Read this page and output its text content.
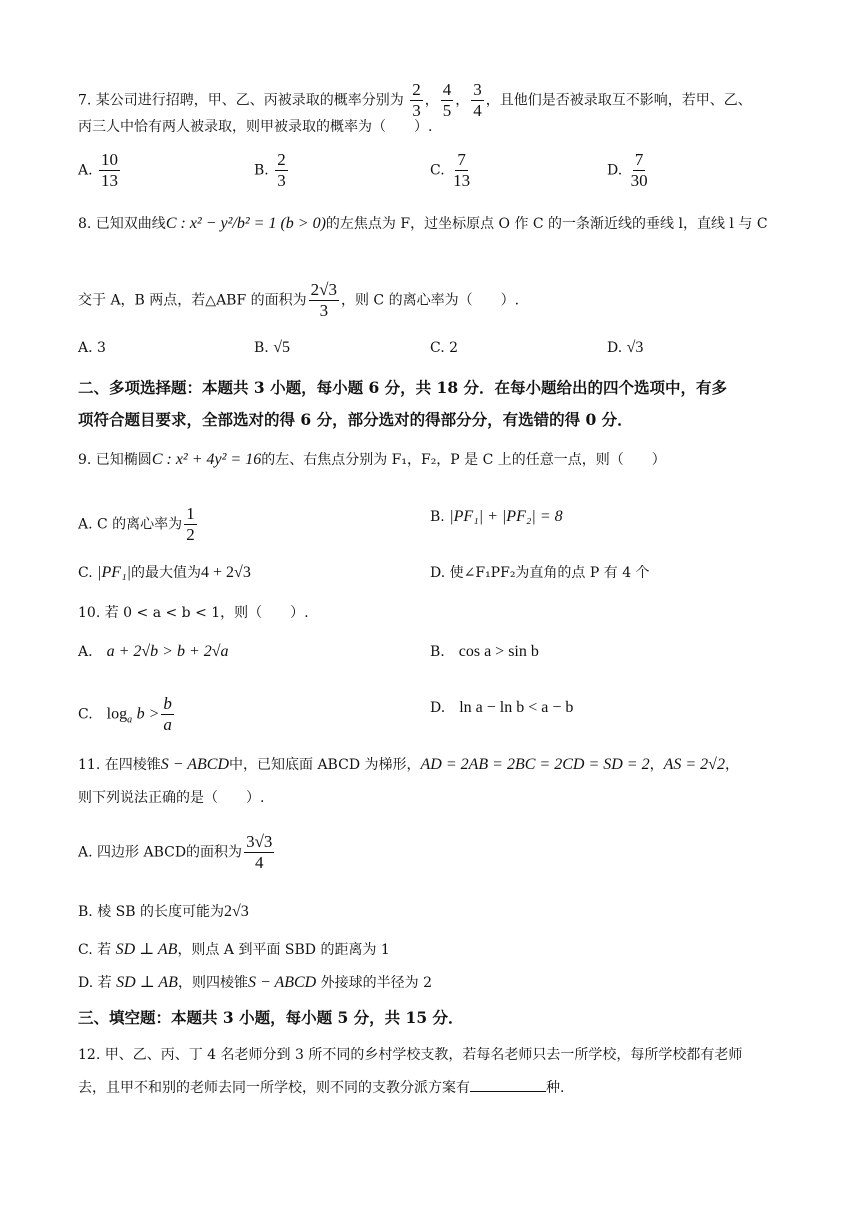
7. 某公司进行招聘，甲、乙、丙被录取的概率分别为 $\frac{2}{3}$ ， $\frac{4}{5}$ ， $\frac{3}{4}$ ，且他们是否被录取互不影响，若甲、乙、
丙三人中恰有两人被录取，则甲被录取的概率为（　　）.
A. $\frac{10}{13}$	B. $\frac{2}{3}$	C. $\frac{7}{13}$	D. $\frac{7}{30}$
8. 已知双曲线C : x² − y²/b² = 1 (b > 0)的左焦点为 F，过坐标原点 O 作 C 的一条渐近线的垂线 l，直线 l 与 C
交于 A，B 两点，若△ABF 的面积为 $\frac{2√3}{3}$ ，则 C 的离心率为（　　）.
A. 3	B. √5	C. 2	D. √3
二、多项选择题：本题共 3 小题，每小题 6 分，共 18 分．在每小题给出的四个选项中，有多
项符合题目要求，全部选对的得 6 分，部分选对的得部分分，有选错的得 0 分．
9. 已知椭圆C : x² + 4y² = 16的左、右焦点分别为 F₁，F₂，P 是 C 上的任意一点，则（　　）
A. C 的离心率为 $\frac{1}{2}$	B. |PF₁| + |PF₂| = 8
C. |PF₁|的最大值为4 + 2√3	D. 使∠F₁PF₂为直角的点 P 有 4 个
10. 若 0 < a < b < 1，则（　　）.
A.　 a + 2√b > b + 2√a	B.　 cos a > sin b
C.　 $\log_a b > \frac{b}{a}$	D.　 ln a − ln b < a − b
11. 在四棱锥S − ABCD中，已知底面 ABCD 为梯形，AD = 2AB = 2BC = 2CD = SD = 2，AS = 2√2，
则下列说法正确的是（　　）.
A. 四边形 ABCD的面积为 $\frac{3√3}{4}$
B. 棱 SB 的长度可能为2√3
C. 若 SD ⊥ AB，则点 A 到平面 SBD 的距离为 1
D. 若 SD ⊥ AB，则四棱锥S − ABCD 外接球的半径为 2
三、填空题：本题共 3 小题，每小题 5 分，共 15 分．
12. 甲、乙、丙、丁 4 名老师分到 3 所不同的乡村学校支教，若每名老师只去一所学校，每所学校都有老师
去，且甲不和别的老师去同一所学校，则不同的支教分派方案有	种.
